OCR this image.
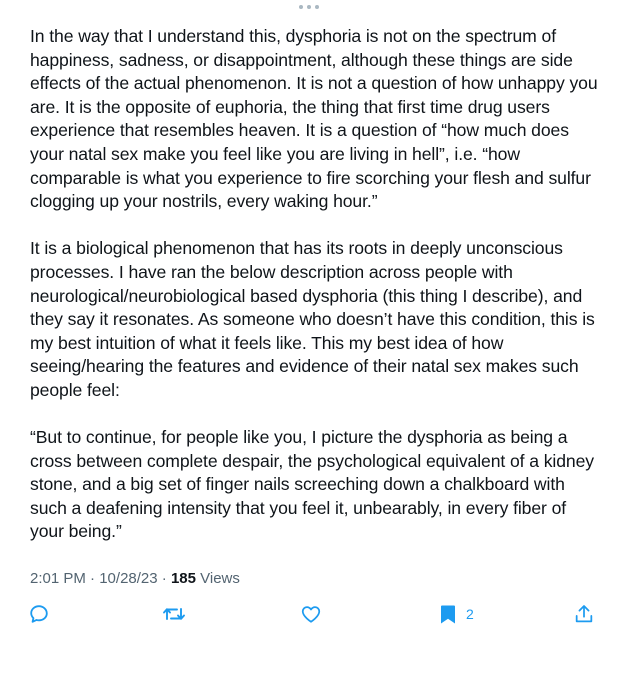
In the way that I understand this, dysphoria is not on the spectrum of happiness, sadness, or disappointment, although these things are side effects of the actual phenomenon. It is not a question of how unhappy you are. It is the opposite of euphoria, the thing that first time drug users experience that resembles heaven. It is a question of “how much does your natal sex make you feel like you are living in hell”, i.e. “how comparable is what you experience to fire scorching your flesh and sulfur clogging up your nostrils, every waking hour.”

It is a biological phenomenon that has its roots in deeply unconscious processes. I have ran the below description across people with neurological/neurobiological based dysphoria (this thing I describe), and they say it resonates. As someone who doesn’t have this condition, this is my best intuition of what it feels like. This my best idea of how seeing/hearing the features and evidence of their natal sex makes such people feel:

“But to continue, for people like you, I picture the dysphoria as being a cross between complete despair, the psychological equivalent of a kidney stone, and a big set of finger nails screeching down a chalkboard with such a deafening intensity that you feel it, unbearably, in every fiber of your being.”

2:01 PM · 10/28/23 · 185 Views
2
